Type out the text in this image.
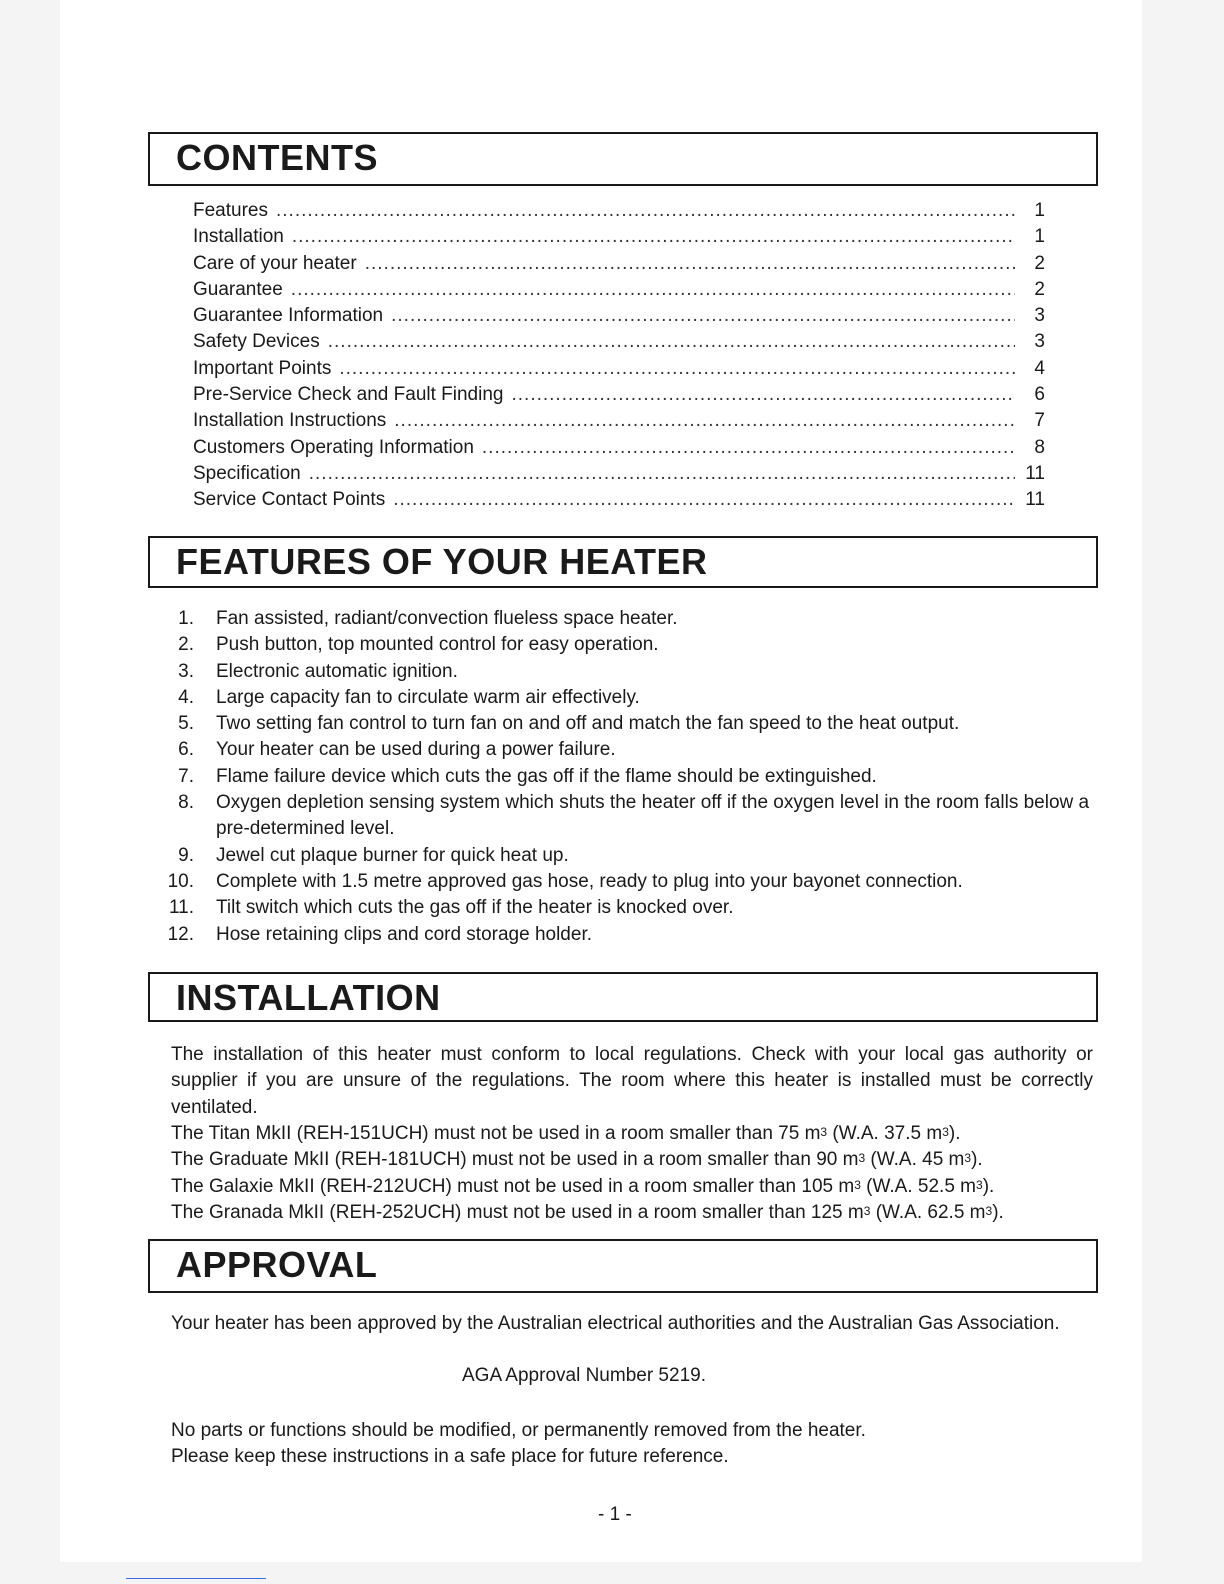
CONTENTS
Features .....	1
Installation .....	1
Care of your heater .....	2
Guarantee .....	2
Guarantee Information .....	3
Safety Devices .....	3
Important Points .....	4
Pre-Service Check and Fault Finding .....	6
Installation Instructions .....	7
Customers Operating Information .....	8
Specification .....	11
Service Contact Points .....	11
FEATURES OF YOUR HEATER
1.	Fan assisted, radiant/convection flueless space heater.
2.	Push button, top mounted control for easy operation.
3.	Electronic automatic ignition.
4.	Large capacity fan to circulate warm air effectively.
5.	Two setting fan control to turn fan on and off and match the fan speed to the heat output.
6.	Your heater can be used during a power failure.
7.	Flame failure device which cuts the gas off if the flame should be extinguished.
8.	Oxygen depletion sensing system which shuts the heater off if the oxygen level in the room falls below a pre-determined level.
9.	Jewel cut plaque burner for quick heat up.
10.	Complete with 1.5 metre approved gas hose, ready to plug into your bayonet connection.
11.	Tilt switch which cuts the gas off if the heater is knocked over.
12.	Hose retaining clips and cord storage holder.
INSTALLATION
The installation of this heater must conform to local regulations. Check with your local gas authority or supplier if you are unsure of the regulations. The room where this heater is installed must be correctly ventilated.
The Titan MkII (REH-151UCH) must not be used in a room smaller than 75 $m^3$ (W.A. 37.5 $m^3$).
The Graduate MkII (REH-181UCH) must not be used in a room smaller than 90 $m^3$ (W.A. 45 $m^3$).
The Galaxie MkII (REH-212UCH) must not be used in a room smaller than 105 $m^3$ (W.A. 52.5 $m^3$).
The Granada MkII (REH-252UCH) must not be used in a room smaller than 125 $m^3$ (W.A. 62.5 $m^3$).
APPROVAL
Your heater has been approved by the Australian electrical authorities and the Australian Gas Association.
AGA Approval Number 5219.
No parts or functions should be modified, or permanently removed from the heater.
Please keep these instructions in a safe place for future reference.
- 1 -
